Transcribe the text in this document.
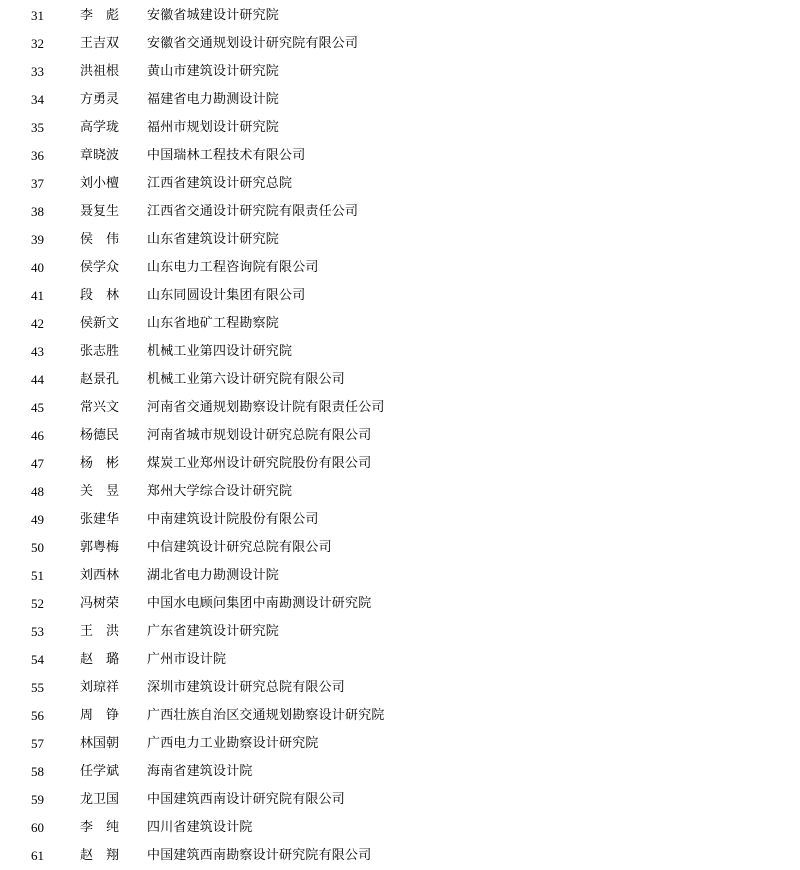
31	李　彪	安徽省城建设计研究院
32	王吉双	安徽省交通规划设计研究院有限公司
33	洪祖根	黄山市建筑设计研究院
34	方勇灵	福建省电力勘测设计院
35	高学珑	福州市规划设计研究院
36	章晓波	中国瑞林工程技术有限公司
37	刘小檀	江西省建筑设计研究总院
38	聂复生	江西省交通设计研究院有限责任公司
39	侯　伟	山东省建筑设计研究院
40	侯学众	山东电力工程咨询院有限公司
41	段　林	山东同圆设计集团有限公司
42	侯新文	山东省地矿工程勘察院
43	张志胜	机械工业第四设计研究院
44	赵景孔	机械工业第六设计研究院有限公司
45	常兴文	河南省交通规划勘察设计院有限责任公司
46	杨德民	河南省城市规划设计研究总院有限公司
47	杨　彬	煤炭工业郑州设计研究院股份有限公司
48	关　昱	郑州大学综合设计研究院
49	张建华	中南建筑设计院股份有限公司
50	郭粤梅	中信建筑设计研究总院有限公司
51	刘西林	湖北省电力勘测设计院
52	冯树荣	中国水电顾问集团中南勘测设计研究院
53	王　洪	广东省建筑设计研究院
54	赵　璐	广州市设计院
55	刘琼祥	深圳市建筑设计研究总院有限公司
56	周　铮	广西壮族自治区交通规划勘察设计研究院
57	林国朝	广西电力工业勘察设计研究院
58	任学斌	海南省建筑设计院
59	龙卫国	中国建筑西南设计研究院有限公司
60	李　纯	四川省建筑设计院
61	赵　翔	中国建筑西南勘察设计研究院有限公司
